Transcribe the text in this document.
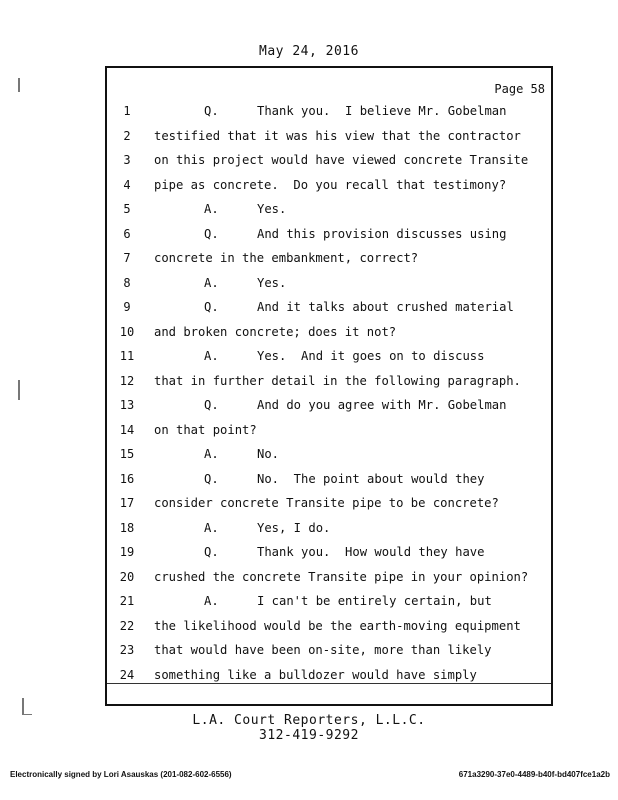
May 24, 2016
Page 58
1	Q.	Thank you.  I believe Mr. Gobelman
2	testified that it was his view that the contractor
3	on this project would have viewed concrete Transite
4	pipe as concrete.  Do you recall that testimony?
5	A.	Yes.
6	Q.	And this provision discusses using
7	concrete in the embankment, correct?
8	A.	Yes.
9	Q.	And it talks about crushed material
10 and broken concrete; does it not?
11	A.	Yes.  And it goes on to discuss
12 that in further detail in the following paragraph.
13	Q.	And do you agree with Mr. Gobelman
14 on that point?
15	A.	No.
16	Q.	No.  The point about would they
17 consider concrete Transite pipe to be concrete?
18	A.	Yes, I do.
19	Q.	Thank you.  How would they have
20 crushed the concrete Transite pipe in your opinion?
21	A.	I can't be entirely certain, but
22 the likelihood would be the earth-moving equipment
23 that would have been on-site, more than likely
24 something like a bulldozer would have simply
L.A. Court Reporters, L.L.C.
312-419-9292
Electronically signed by Lori Asauskas (201-082-602-6556)	671a3290-37e0-4489-b40f-bd407fce1a2b
